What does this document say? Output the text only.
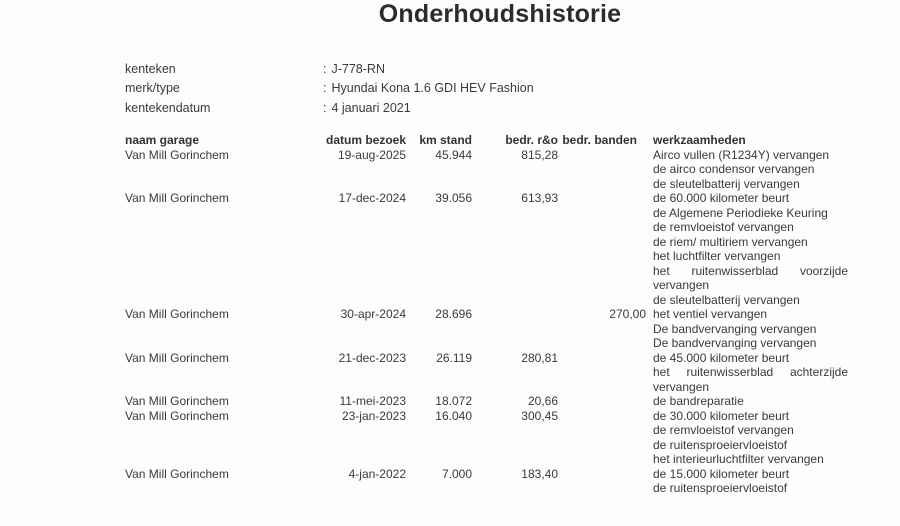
Onderhoudshistorie
kenteken	: J-778-RN
merk/type	: Hyundai Kona 1.6 GDI HEV Fashion
kentekendatum	: 4 januari 2021
naam garage	datum bezoek	km stand	bedr. r&o	bedr. banden	werkzaamheden
Van Mill Gorinchem	19-aug-2025	45.944	815,28		Airco vullen (R1234Y) vervangen
de airco condensor vervangen
de sleutelbatterij vervangen

Van Mill Gorinchem	17-dec-2024	39.056	613,93		de 60.000 kilometer beurt
de Algemene Periodieke Keuring
de remvloeistof vervangen
de riem/ multiriem vervangen
het luchtfilter vervangen
het ruitenwisserblad voorzijde vervangen
de sleutelbatterij vervangen

Van Mill Gorinchem	30-apr-2024	28.696		270,00	het ventiel vervangen
De bandvervanging vervangen
De bandvervanging vervangen

Van Mill Gorinchem	21-dec-2023	26.119	280,81		de 45.000 kilometer beurt
het ruitenwisserblad achterzijde vervangen

Van Mill Gorinchem	11-mei-2023	18.072	20,66		de bandreparatie

Van Mill Gorinchem	23-jan-2023	16.040	300,45		de 30.000 kilometer beurt
de remvloeistof vervangen
de ruitensproeiervloeistof
het interieurluchtfilter vervangen

Van Mill Gorinchem	4-jan-2022	7.000	183,40		de 15.000 kilometer beurt
de ruitensproeiervloeistof
